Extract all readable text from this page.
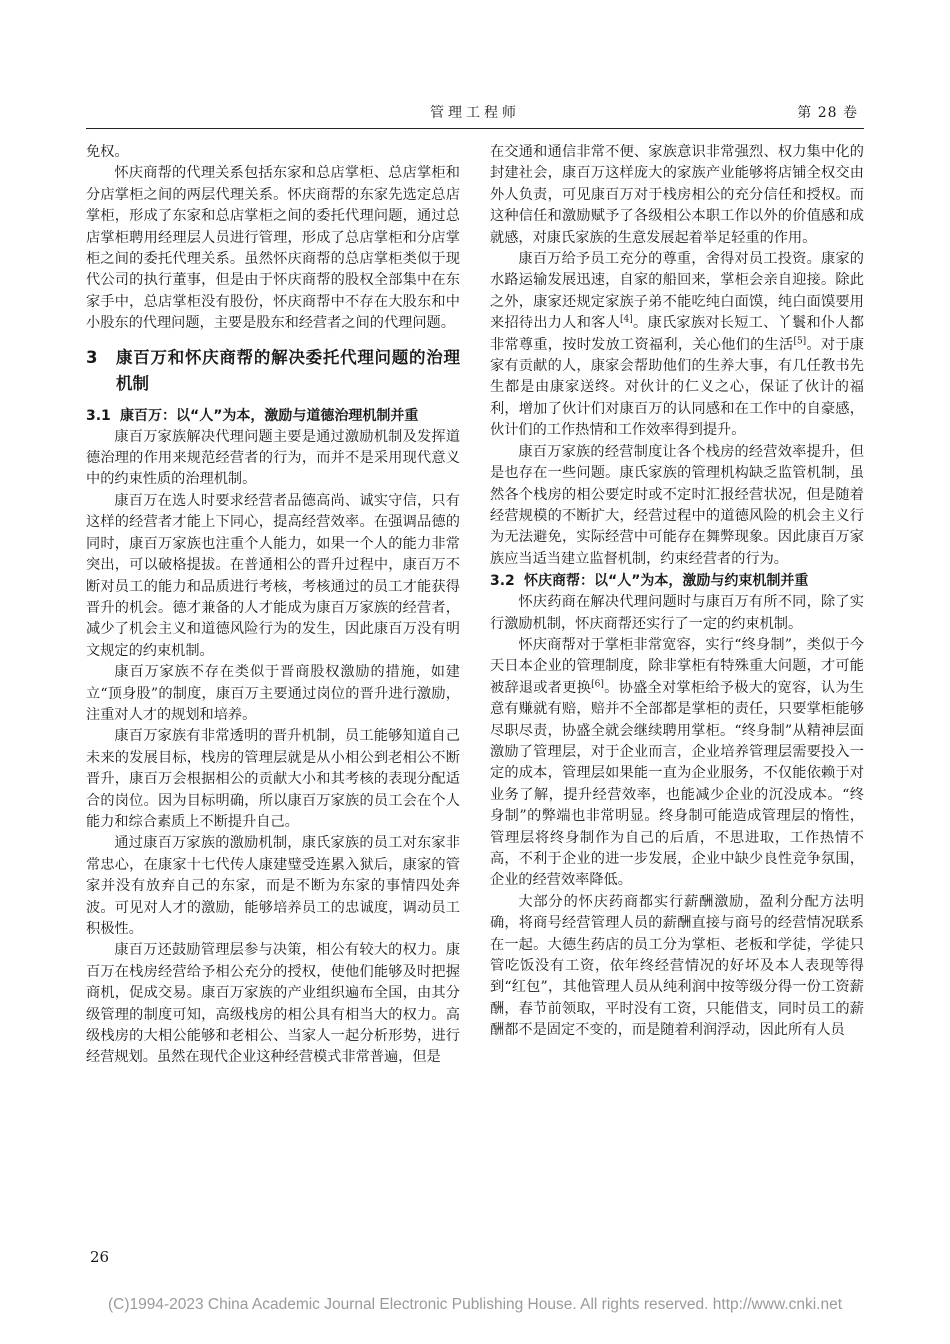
管理工程师	第 28 卷

免权。

怀庆商帮的代理关系包括东家和总店掌柜、总店掌柜和分店掌柜之间的两层代理关系。怀庆商帮的东家先选定总店掌柜，形成了东家和总店掌柜之间的委托代理问题，通过总店掌柜聘用经理层人员进行管理，形成了总店掌柜和分店掌柜之间的委托代理关系。虽然怀庆商帮的总店掌柜类似于现代公司的执行董事，但是由于怀庆商帮的股权全部集中在东家手中，总店掌柜没有股份，怀庆商帮中不存在大股东和中小股东的代理问题，主要是股东和经营者之间的代理问题。

3	康百万和怀庆商帮的解决委托代理问题的治理机制
3.1 康百万：以“人”为本，激励与道德治理机制并重

康百万家族解决代理问题主要是通过激励机制及发挥道德治理的作用来规范经营者的行为，而并不是采用现代意义中的约束性质的治理机制。

康百万在选人时要求经营者品德高尚、诚实守信，只有这样的经营者才能上下同心，提高经营效率。在强调品德的同时，康百万家族也注重个人能力，如果一个人的能力非常突出，可以破格提拔。在普通相公的晋升过程中，康百万不断对员工的能力和品质进行考核，考核通过的员工才能获得晋升的机会。德才兼备的人才能成为康百万家族的经营者，减少了机会主义和道德风险行为的发生，因此康百万没有明文规定的约束机制。

康百万家族不存在类似于晋商股权激励的措施，如建立“顶身股”的制度，康百万主要通过岗位的晋升进行激励，注重对人才的规划和培养。

康百万家族有非常透明的晋升机制，员工能够知道自己未来的发展目标，栈房的管理层就是从小相公到老相公不断晋升，康百万会根据相公的贡献大小和其考核的表现分配适合的岗位。因为目标明确，所以康百万家族的员工会在个人能力和综合素质上不断提升自己。

通过康百万家族的激励机制，康氏家族的员工对东家非常忠心，在康家十七代传人康建璧受连累入狱后，康家的管家并没有放弃自己的东家，而是不断为东家的事情四处奔波。可见对人才的激励，能够培养员工的忠诚度，调动员工积极性。

康百万还鼓励管理层参与决策，相公有较大的权力。康百万在栈房经营给予相公充分的授权，使他们能够及时把握商机，促成交易。康百万家族的产业组织遍布全国，由其分级管理的制度可知，高级栈房的相公具有相当大的权力。高级栈房的大相公能够和老相公、当家人一起分析形势，进行经营规划。虽然在现代企业这种经营模式非常普遍，但是

在交通和通信非常不便、家族意识非常强烈、权力集中化的封建社会，康百万这样庞大的家族产业能够将店铺全权交由外人负责，可见康百万对于栈房相公的充分信任和授权。而这种信任和激励赋予了各级相公本职工作以外的价值感和成就感，对康氏家族的生意发展起着举足轻重的作用。

康百万给予员工充分的尊重，舍得对员工投资。康家的水路运输发展迅速，自家的船回来，掌柜会亲自迎接。除此之外，康家还规定家族子弟不能吃纯白面馍，纯白面馍要用来招待出力人和客人[4]。康氏家族对长短工、丫鬟和仆人都非常尊重，按时发放工资福利，关心他们的生活[5]。对于康家有贡献的人，康家会帮助他们的生养大事，有几任教书先生都是由康家送终。对伙计的仁义之心，保证了伙计的福利，增加了伙计们对康百万的认同感和在工作中的自豪感，伙计们的工作热情和工作效率得到提升。

康百万家族的经营制度让各个栈房的经营效率提升，但是也存在一些问题。康氏家族的管理机构缺乏监管机制，虽然各个栈房的相公要定时或不定时汇报经营状况，但是随着经营规模的不断扩大，经营过程中的道德风险的机会主义行为无法避免，实际经营中可能存在舞弊现象。因此康百万家族应当适当建立监督机制，约束经营者的行为。

3.2 怀庆商帮：以“人”为本，激励与约束机制并重

怀庆药商在解决代理问题时与康百万有所不同，除了实行激励机制，怀庆商帮还实行了一定的约束机制。

怀庆商帮对于掌柜非常宽容，实行“终身制”，类似于今天日本企业的管理制度，除非掌柜有特殊重大问题，才可能被辞退或者更换[6]。协盛全对掌柜给予极大的宽容，认为生意有赚就有赔，赔并不全部都是掌柜的责任，只要掌柜能够尽职尽责，协盛全就会继续聘用掌柜。“终身制”从精神层面激励了管理层，对于企业而言，企业培养管理层需要投入一定的成本，管理层如果能一直为企业服务，不仅能依赖于对业务了解，提升经营效率，也能减少企业的沉没成本。“终身制”的弊端也非常明显。终身制可能造成管理层的惰性，管理层将终身制作为自己的后盾，不思进取，工作热情不高，不利于企业的进一步发展，企业中缺少良性竞争氛围，企业的经营效率降低。

大部分的怀庆药商都实行薪酬激励，盈利分配方法明确，将商号经营管理人员的薪酬直接与商号的经营情况联系在一起。大德生药店的员工分为掌柜、老板和学徒，学徒只管吃饭没有工资，依年终经营情况的好坏及本人表现等得到“红包”，其他管理人员从纯利润中按等级分得一份工资薪酬，春节前领取，平时没有工资，只能借支，同时员工的薪酬都不是固定不变的，而是随着利润浮动，因此所有人员

26
(C)1994-2023 China Academic Journal Electronic Publishing House. All rights reserved. http://www.cnki.net
